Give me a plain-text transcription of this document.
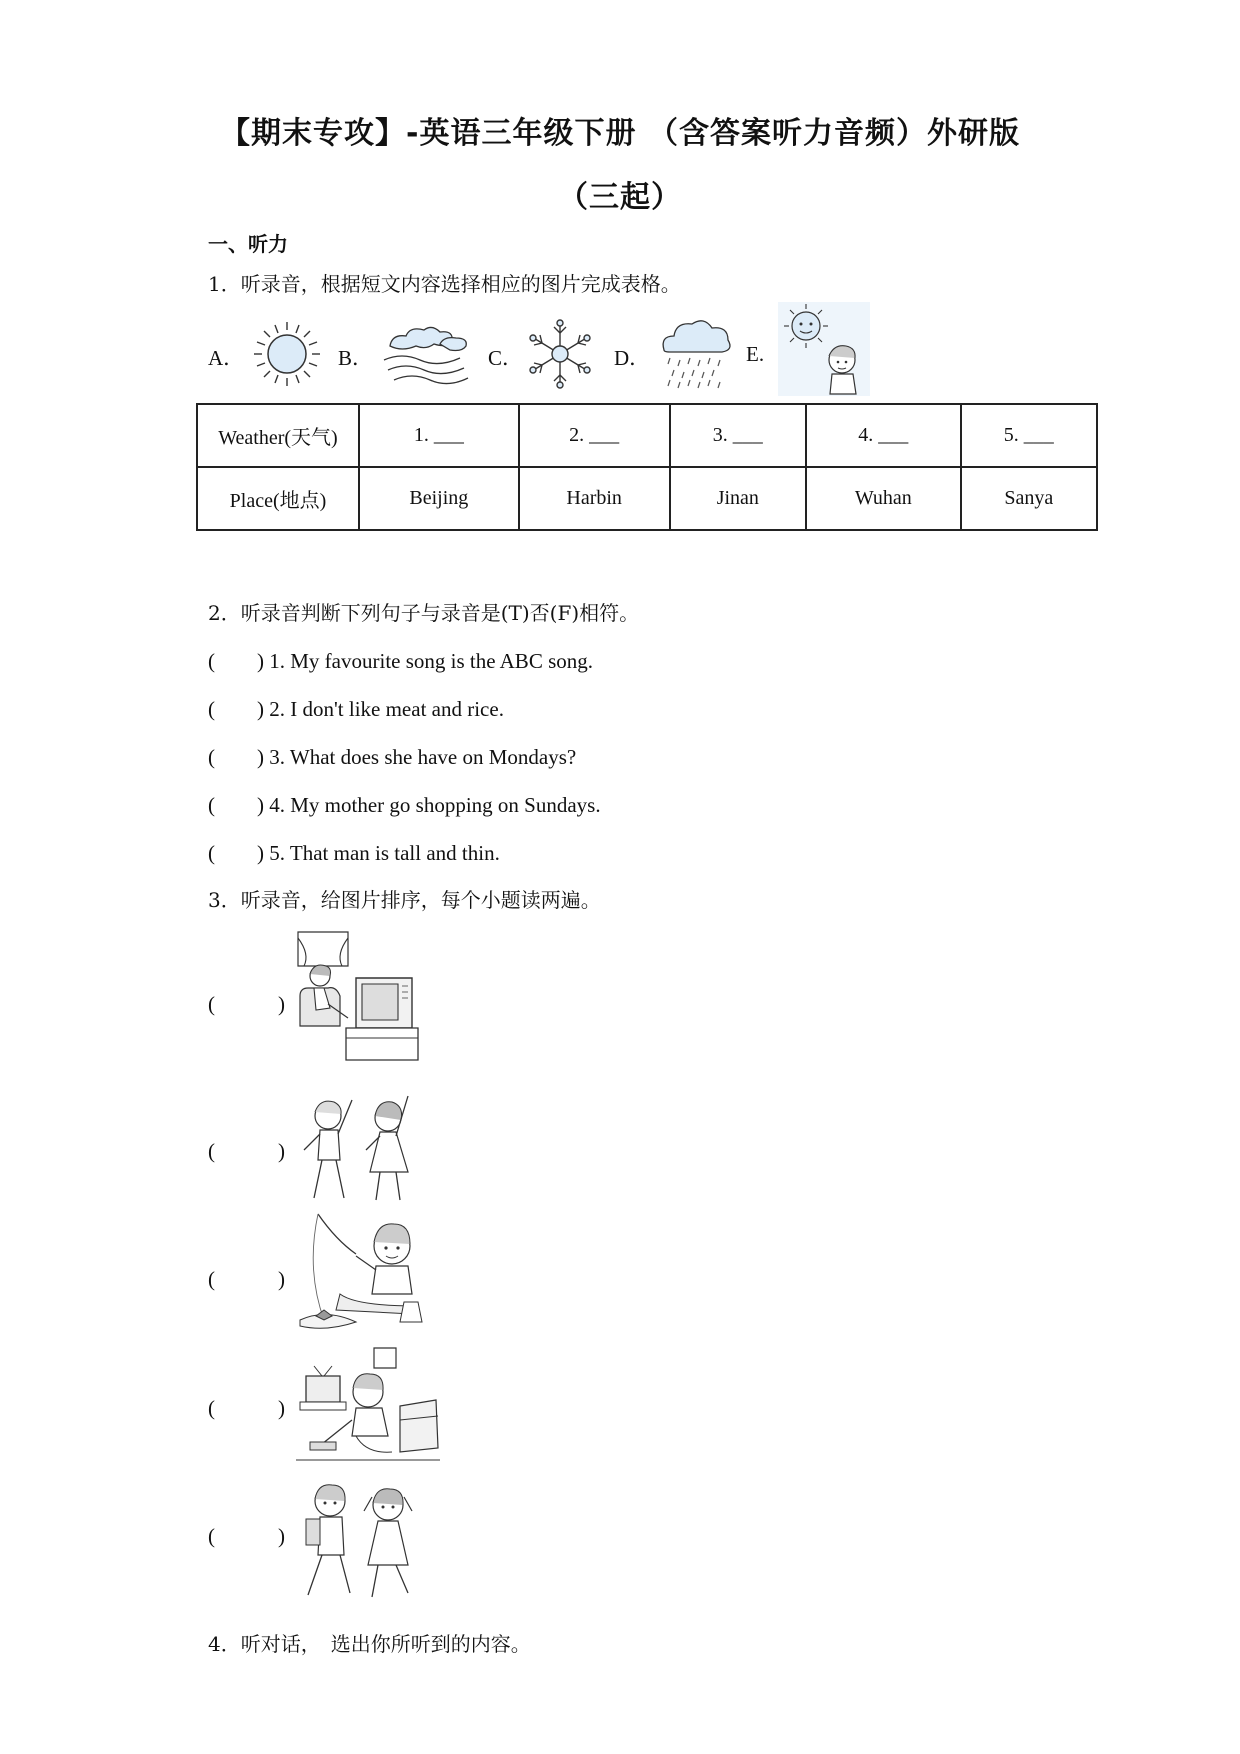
【期末专攻】-英语三年级下册 （含答案听力音频）外研版
（三起）
一、听力
1．听录音，根据短文内容选择相应的图片完成表格。
A．	B．	C．	D．	E.
Weather(天气)	1. ___	2. ___	3. ___	4. ___	5. ___
Place(地点)	Beijing	Harbin	Jinan	Wuhan	Sanya
2．听录音判断下列句子与录音是(T)否(F)相符。
(　　) 1. My favourite song is the ABC song.
(　　) 2. I don't like meat and rice.
(　　) 3. What does she have on Mondays?
(　　) 4. My mother go shopping on Sundays.
(　　) 5. That man is tall and thin.
3．听录音，给图片排序，每个小题读两遍。
(　　　)
(　　　)
(　　　)
(　　　)
(　　　)
4．听对话，　选出你所听到的内容。
